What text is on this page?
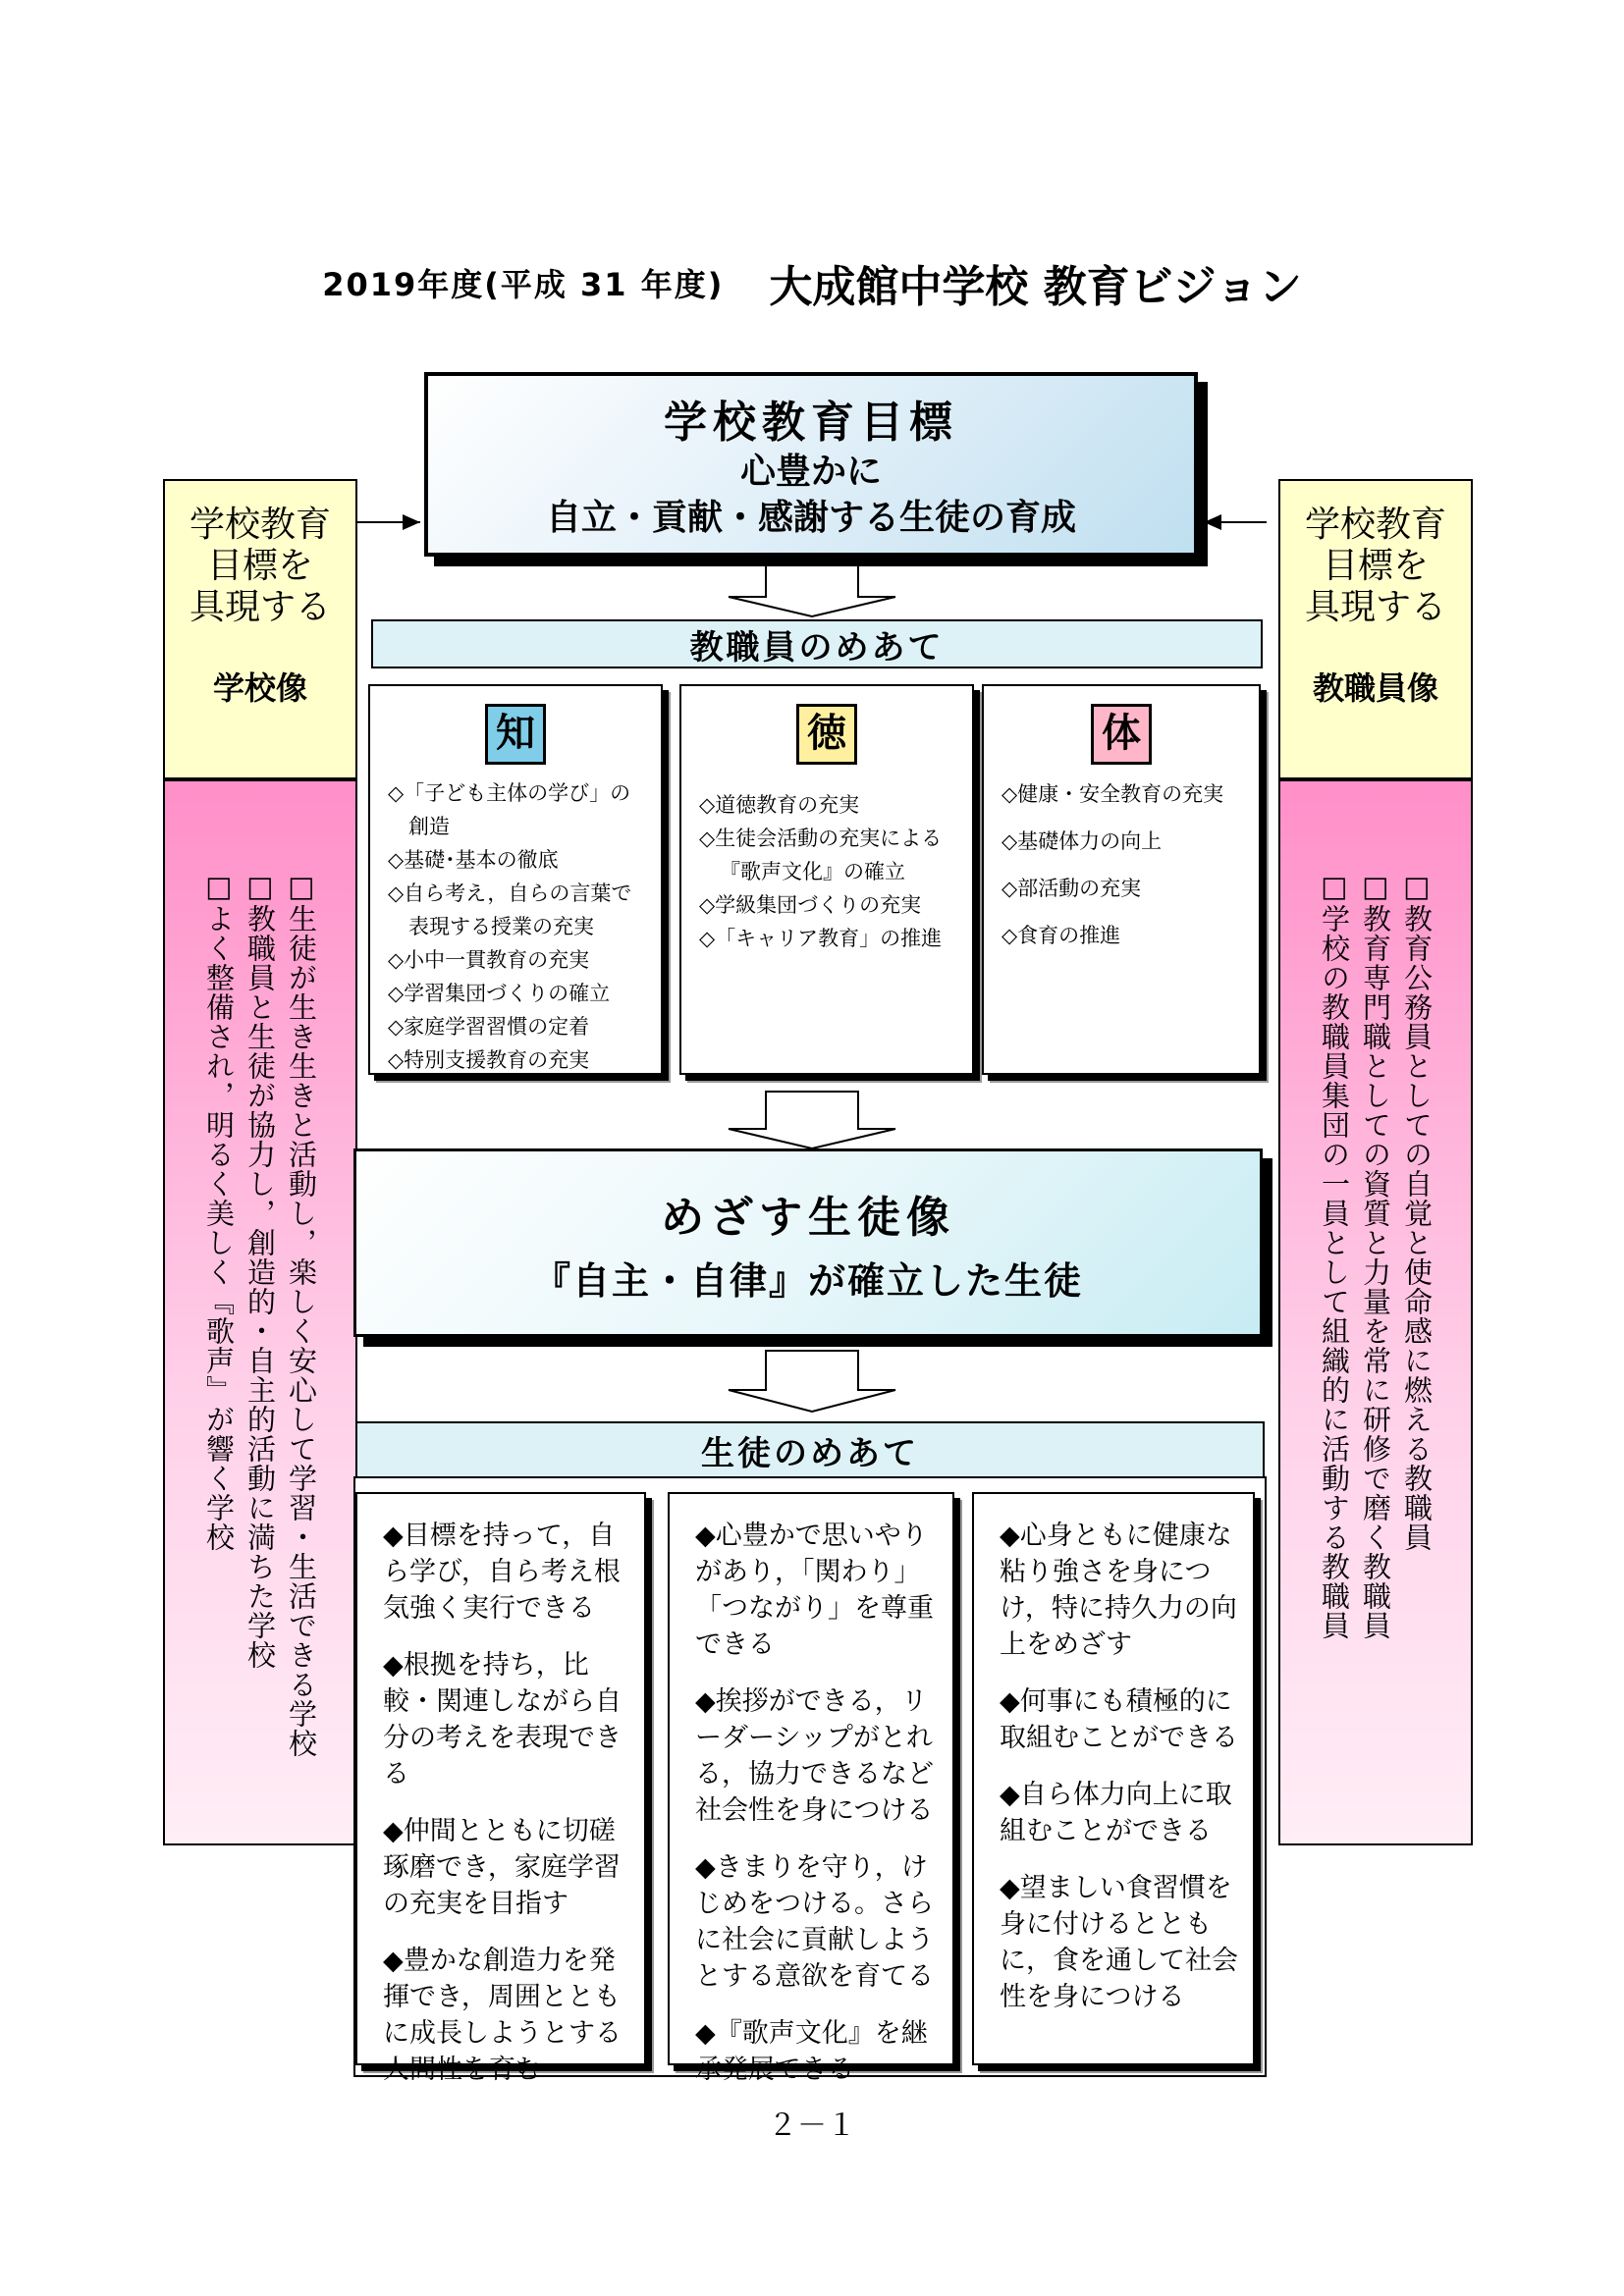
2019年度(平成 31 年度) 大成館中学校 教育ビジョン
学校教育目標
心豊かに
自立・貢献・感謝する生徒の育成
学校教育
目標を
具現する
学校像
□ 生徒が生き生きと活動し，楽しく安心して学習・生活できる学校
□ 教職員と生徒が協力し，創造的・自主的活動に満ちた学校
□ よく整備され，明るく美しく『歌声』が響く学校
学校教育
目標を
具現する
教職員像
□ 教育公務員としての自覚と使命感に燃える教職員
□ 教育専門職としての資質と力量を常に研修で磨く教職員
□ 学校の教職員集団の一員として組織的に活動する教職員
教職員のめあて
知
◇「子ども主体の学び」の創造
◇基礎･基本の徹底
◇自ら考え，自らの言葉で表現する授業の充実
◇小中一貫教育の充実
◇学習集団づくりの確立
◇家庭学習習慣の定着
◇特別支援教育の充実
徳
◇道徳教育の充実
◇生徒会活動の充実による『歌声文化』の確立
◇学級集団づくりの充実
◇「キャリア教育」の推進
体
◇健康・安全教育の充実
◇基礎体力の向上
◇部活動の充実
◇食育の推進
めざす生徒像
『自主・自律』が確立した生徒
生徒のめあて
◆目標を持って，自ら学び，自ら考え根気強く実行できる
◆根拠を持ち，比較・関連しながら自分の考えを表現できる
◆仲間とともに切磋琢磨でき，家庭学習の充実を目指す
◆豊かな創造力を発揮でき，周囲とともに成長しようとする人間性を育む
◆心豊かで思いやりがあり，「関わり」「つながり」を尊重できる
◆挨拶ができる，リーダーシップがとれる，協力できるなど社会性を身につける
◆きまりを守り，けじめをつける。さらに社会に貢献しようとする意欲を育てる
◆『歌声文化』を継承発展できる
◆心身ともに健康な粘り強さを身につけ，特に持久力の向上をめざす
◆何事にも積極的に取組むことができる
◆自ら体力向上に取組むことができる
◆望ましい食習慣を身に付けるとともに，食を通して社会性を身につける
２－１
